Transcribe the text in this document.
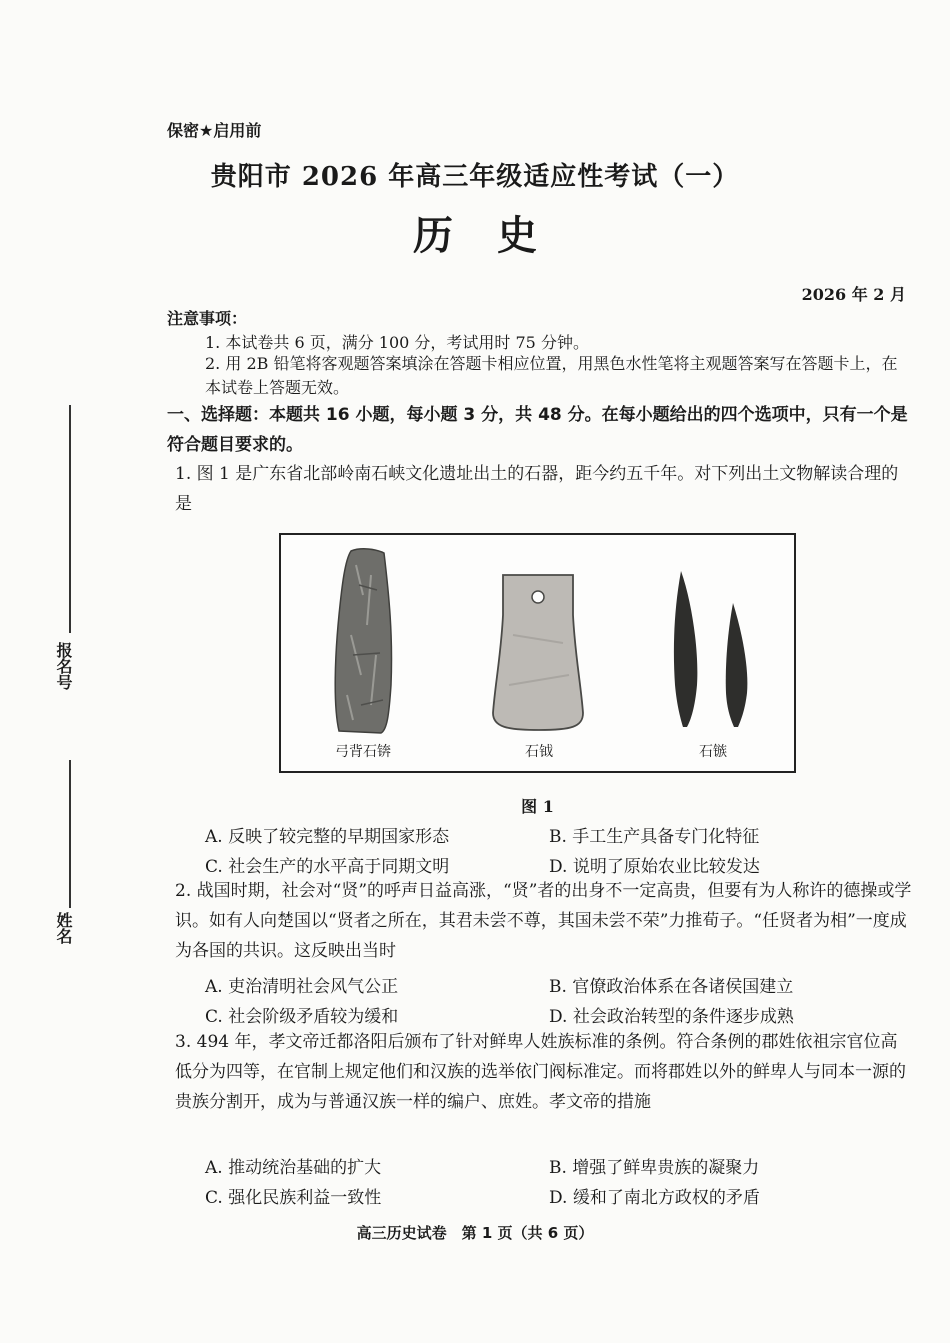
保密★启用前
贵阳市 2026 年高三年级适应性考试（一）
历史
2026 年 2 月
注意事项：
1. 本试卷共 6 页，满分 100 分，考试用时 75 分钟。
2. 用 2B 铅笔将客观题答案填涂在答题卡相应位置，用黑色水性笔将主观题答案写在答题卡上，在本试卷上答题无效。
一、选择题：本题共 16 小题，每小题 3 分，共 48 分。在每小题给出的四个选项中，只有一个是符合题目要求的。
1. 图 1 是广东省北部岭南石峡文化遗址出土的石器，距今约五千年。对下列出土文物解读合理的是
弓背石锛	石钺	石镞
图 1
A. 反映了较完整的早期国家形态	B. 手工生产具备专门化特征
C. 社会生产的水平高于同期文明	D. 说明了原始农业比较发达
2. 战国时期，社会对“贤”的呼声日益高涨，“贤”者的出身不一定高贵，但要有为人称许的德操或学识。如有人向楚国以“贤者之所在，其君未尝不尊，其国未尝不荣”力推荀子。“任贤者为相”一度成为各国的共识。这反映出当时
A. 吏治清明社会风气公正	B. 官僚政治体系在各诸侯国建立
C. 社会阶级矛盾较为缓和	D. 社会政治转型的条件逐步成熟
3. 494 年，孝文帝迁都洛阳后颁布了针对鲜卑人姓族标准的条例。符合条例的郡姓依祖宗官位高低分为四等，在官制上规定他们和汉族的选举依门阀标准定。而将郡姓以外的鲜卑人与同本一源的贵族分割开，成为与普通汉族一样的编户、庶姓。孝文帝的措施
A. 推动统治基础的扩大	B. 增强了鲜卑贵族的凝聚力
C. 强化民族利益一致性	D. 缓和了南北方政权的矛盾
报名号
姓名
高三历史试卷　第 1 页（共 6 页）
